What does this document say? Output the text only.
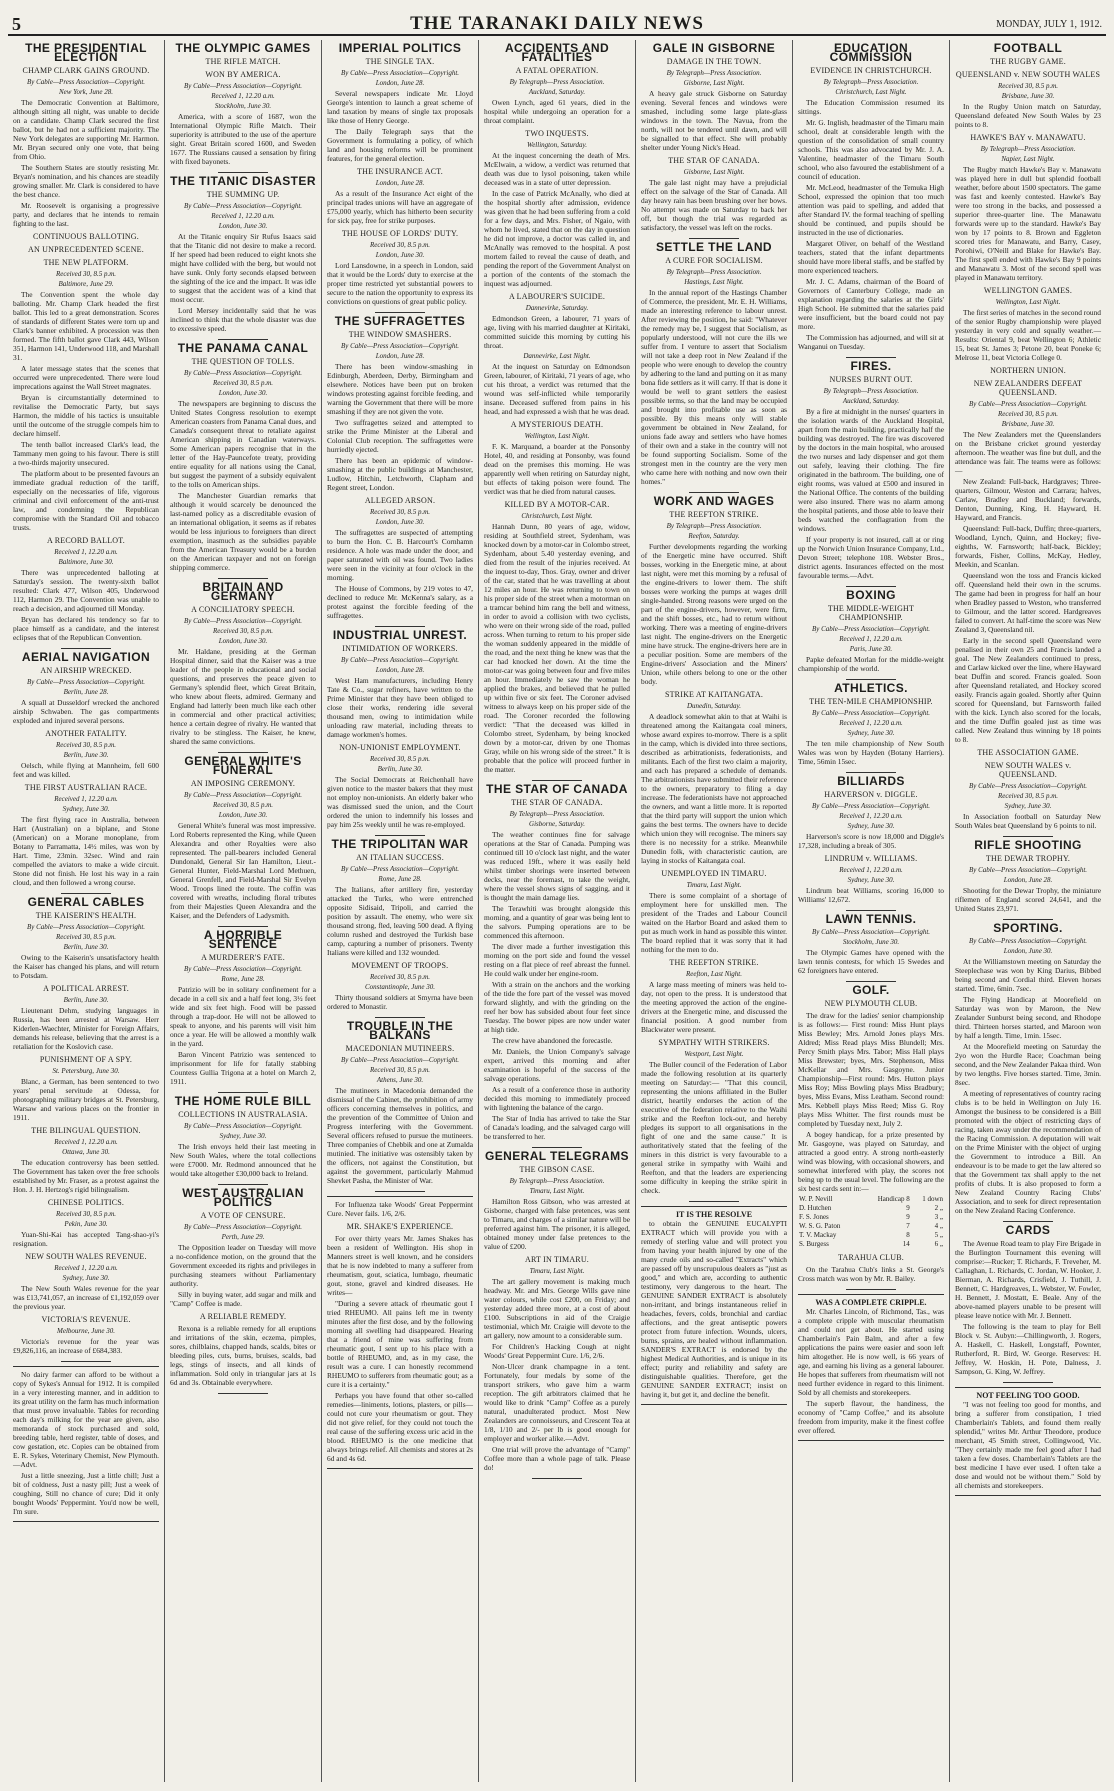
5	THE TARANAKI DAILY NEWS	MONDAY, JULY 1, 1912.
THE PRESIDENTIAL ELECTION
CHAMP CLARK GAINS GROUND.
By Cable—Press Association—Copyright.
New York, June 28.

The Democratic Convention at Baltimore, although sitting all night, was unable to decide on a candidate. Champ Clark secured the first ballot, but he had not a sufficient majority. The New York delegates are supporting Mr. Harmon. Mr. Bryan secured only one vote, that being from Ohio.

The Southern States are stoutly resisting Mr. Bryan's nomination, and his chances are steadily growing smaller. Mr. Clark is considered to have the best chance.

Mr. Roosevelt is organising a progressive party, and declares that he intends to remain fighting to the last.

CONTINUOUS BALLOTING.
AN UNPRECEDENTED SCENE.
THE NEW PLATFORM.
Received 30, 8.5 p.m.
Baltimore, June 29.

The Convention spent the whole day balloting. Mr. Champ Clark headed the first ballot. This led to a great demonstration. Scores of standards of different States were torn up and Clark's banner exhibited. A procession was then formed. The fifth ballot gave Clark 443, Wilson 351, Harmon 141, Underwood 118, and Marshall 31.

A later message states that the scenes that occurred were unprecedented. There were loud imprecations against the Wall Street magnates.

Bryan is circumstantially determined to revitalise the Democratic Party, but says Harmon, the middle of his tactics is unsuitable until the outcome of the struggle compels him to declare himself.

The tenth ballot increased Clark's lead, the Tammany men going to his favour. There is still a two-thirds majority unsecured.

The platform about to be presented favours an immediate gradual reduction of the tariff, especially on the necessaries of life, vigorous criminal and civil enforcement of the anti-trust law, and condemning the Republican compromise with the Standard Oil and tobacco trusts.

A RECORD BALLOT.
Received 1, 12.20 a.m.
Baltimore, June 30.

There was unprecedented balloting at Saturday's session. The twenty-sixth ballot resulted: Clark 477, Wilson 405, Underwood 112, Harmon 29. The Convention was unable to reach a decision, and adjourned till Monday.

Bryan has declared his tendency so far to place himself as a candidate, and the interest eclipses that of the Republican Convention.

AERIAL NAVIGATION
AN AIRSHIP WRECKED.
By Cable—Press Association—Copyright.
Berlin, June 28.

A squall at Dusseldorf wrecked the anchored airship Schwaben. The gas compartments exploded and injured several persons.

ANOTHER FATALITY.
Received 30, 8.5 p.m.
Berlin, June 30.

Oelsch, while flying at Mannheim, fell 600 feet and was killed.

THE FIRST AUSTRALIAN RACE.
Received 1, 12.20 a.m.
Sydney, June 30.

The first flying race in Australia, between Hart (Australian) on a biplane, and Stone (American) on a Morane monoplane, from Botany to Parramatta, 14½ miles, was won by Hart. Time, 23min. 32sec. Wind and rain compelled the aviators to make a wide circuit. Stone did not finish. He lost his way in a rain cloud, and then followed a wrong course.

GENERAL CABLES
THE KAISERIN'S HEALTH.
By Cable—Press Association—Copyright.
Received 30, 8.5 p.m.
Berlin, June 30.

Owing to the Kaiserin's unsatisfactory health the Kaiser has changed his plans, and will return to Potsdam.

A POLITICAL ARREST.
Berlin, June 30.

Lieutenant Dehm, studying languages in Russia, has been arrested at Warsaw. Herr Kiderlen-Waechter, Minister for Foreign Affairs, demands his release, believing that the arrest is a retaliation for the Koslovich case.

PUNISHMENT OF A SPY.
St. Petersburg, June 30.

Blanc, a German, has been sentenced to two years' penal servitude at Odessa, for photographing military bridges at St. Petersburg, Warsaw and various places on the frontier in 1911.

THE BILINGUAL QUESTION.
Received 1, 12.20 a.m.
Ottawa, June 30.

The education controversy has been settled. The Government has taken over the free schools established by Mr. Fraser, as a protest against the Hon. J. H. Hertzog's rigid bilingualism.

CHINESE POLITICS.
Received 30, 8.5 p.m.
Pekin, June 30.

Yuan-Shi-Kai has accepted Tang-shao-yi's resignation.

NEW SOUTH WALES REVENUE.
Received 1, 12.20 a.m.
Sydney, June 30.

The New South Wales revenue for the year was £13,741,057, an increase of £1,192,059 over the previous year.

VICTORIA'S REVENUE.
Melbourne, June 30.

Victoria's revenue for the year was £9,826,116, an increase of £684,383.

No dairy farmer can afford to be without a copy of Sykes's Annual for 1912. It is compiled in a very interesting manner, and in addition to its great utility on the farm has much information that must prove invaluable. Tables for recording each day's milking for the year are given, also memoranda of stock purchased and sold, breeding table, herd register, table of doses, and cow gestation, etc. Copies can be obtained from E. R. Sykes, Veterinary Chemist, New Plymouth.—Advt.

Just a little sneezing, Just a little chill; Just a bit of coldness, Just a nasty pill; Just a week of coughing, Still no chance of cure; Did it only bought Woods' Peppermint. You'd now be well, I'm sure.

THE OLYMPIC GAMES
THE RIFLE MATCH.
WON BY AMERICA.
By Cable—Press Association—Copyright.
Received 1, 12.20 a.m.
Stockholm, June 30.

America, with a score of 1687, won the International Olympic Rifle Match. Their superiority is attributed to the use of the aperture sight. Great Britain scored 1600, and Sweden 1677. The Russians caused a sensation by firing with fixed bayonets.

THE TITANIC DISASTER
THE SUMMING UP.
By Cable—Press Association—Copyright.
Received 1, 12.20 a.m.
London, June 30.

At the Titanic enquiry Sir Rufus Isaacs said that the Titanic did not desire to make a record. If her speed had been reduced to eight knots she might have collided with the berg, but would not have sunk. Only forty seconds elapsed between the sighting of the ice and the impact. It was idle to suggest that the accident was of a kind that most occur.

Lord Mersey incidentally said that he was inclined to think that the whole disaster was due to excessive speed.

THE PANAMA CANAL
THE QUESTION OF TOLLS.
By Cable—Press Association—Copyright.
Received 30, 8.5 p.m.
London, June 30.

The newspapers are beginning to discuss the United States Congress resolution to exempt American coasters from Panama Canal dues, and Canada's consequent threat to retaliate against American shipping in Canadian waterways. Some American papers recognise that in the letter of the Hay-Pauncefote treaty, providing entire equality for all nations using the Canal, but suggest the payment of a subsidy equivalent to the tolls on American ships.

The Manchester Guardian remarks that although it would scarcely be denounced the last-named policy as a discreditable evasion of an international obligation, it seems as if rebates would be less injurious to foreigners than direct exemption, inasmuch as the subsidies payable from the American Treasury would be a burden on the American taxpayer and not on foreign shipping commerce.

BRITAIN AND GERMANY
A CONCILIATORY SPEECH.
By Cable—Press Association—Copyright.
Received 30, 8.5 p.m.
London, June 30.

Mr. Haldane, presiding at the German Hospital dinner, said that the Kaiser was a true leader of the people in educational and social questions, and preserves the peace given to Germany's splendid fleet, which Great Britain, who knew about fleets, admired. Germany and England had latterly been much like each other in commercial and other practical activities; hence a certain degree of rivalry. He wanted that rivalry to be stingless. The Kaiser, he knew, shared the same convictions.

GENERAL WHITE'S FUNERAL
AN IMPOSING CEREMONY.
By Cable—Press Association—Copyright.
Received 30, 8.5 p.m.
London, June 30.

General White's funeral was most impressive. Lord Roberts represented the King, while Queen Alexandra and other Royalties were also represented. The pall-bearers included General Dundonald, General Sir Ian Hamilton, Lieut.-General Hunter, Field-Marshal Lord Methuen, General Grenfell, and Field-Marshal Sir Evelyn Wood. Troops lined the route. The coffin was covered with wreaths, including floral tributes from their Majesties Queen Alexandra and the Kaiser, and the Defenders of Ladysmith.

A HORRIBLE SENTENCE
A MURDERER'S FATE.
By Cable—Press Association—Copyright.
Rome, June 28.

Patrizio will be in solitary confinement for a decade in a cell six and a half feet long, 3½ feet wide and six feet high. Food will be passed through a trap-door. He will not be allowed to speak to anyone, and his parents will visit him once a year. He will be allowed a monthly walk in the yard.

Baron Vincent Patrizio was sentenced to imprisonment for life for fatally stabbing Countess Gullia Trigona at a hotel on March 2, 1911.

THE HOME RULE BILL
COLLECTIONS IN AUSTRALASIA.
By Cable—Press Association—Copyright.
Sydney, June 30.

The Irish envoys held their last meeting in New South Wales, where the total collections were £7000. Mr. Redmond announced that he would take altogether £30,000 back to Ireland.

WEST AUSTRALIAN POLITICS
A VOTE OF CENSURE.
By Cable—Press Association—Copyright.
Perth, June 29.

The Opposition leader on Tuesday will move a no-confidence motion, on the ground that the Government exceeded its rights and privileges in purchasing steamers without Parliamentary authority.

Silly in buying water, add sugar and milk and "Camp" Coffee is made.

A RELIABLE REMEDY.

Rexona is a reliable remedy for all eruptions and irritations of the skin, eczema, pimples, sores, chilblains, chapped hands, scalds, bites or bleeding piles, cuts, burns, bruises, scalds, bad legs, stings of insects, and all kinds of inflammation. Sold only in triangular jars at 1s 6d and 3s. Obtainable everywhere.

IMPERIAL POLITICS
THE SINGLE TAX.
By Cable—Press Association—Copyright.
London, June 28.

Several newspapers indicate Mr. Lloyd George's intention to launch a great scheme of land taxation by means of single tax proposals like those of Henry George.

The Daily Telegraph says that the Government is formulating a policy, of which land and housing reforms will be prominent features, for the general election.

THE INSURANCE ACT.
London, June 28.

As a result of the Insurance Act eight of the principal trades unions will have an aggregate of £75,000 yearly, which has hitherto been security for sick pay, free for strike purposes.

THE HOUSE OF LORDS' DUTY.
Received 30, 8.5 p.m.
London, June 30.

Lord Lansdowne, in a speech in London, said that it would be the Lords' duty to exercise at the proper time restricted yet substantial powers to secure to the nation the opportunity to express its convictions on questions of great public policy.

THE SUFFRAGETTES
THE WINDOW SMASHERS.
By Cable—Press Association—Copyright.
London, June 28.

There has been window-smashing in Edinburgh, Aberdeen, Derby, Birmingham and elsewhere. Notices have been put on broken windows protesting against forcible feeding, and warning the Government that there will be more smashing if they are not given the vote.

Two suffragettes seized and attempted to strike the Prime Minister at the Liberal and Colonial Club reception. The suffragettes were hurriedly ejected.

There has been an epidemic of window-smashing at the public buildings at Manchester, Ludlow, Hitchin, Letchworth, Clapham and Regent street, London.

ALLEGED ARSON.
Received 30, 8.5 p.m.
London, June 30.

The suffragettes are suspected of attempting to burn the Hon. C. B. Harcourt's Cornhamn residence. A hole was made under the door, and paper saturated with oil was found. Two ladies were seen in the vicinity at four o'clock in the morning.

The House of Commons, by 219 votes to 47, declined to reduce Mr. McKenna's salary, as a protest against the forcible feeding of the suffragettes.

INDUSTRIAL UNREST.
INTIMIDATION OF WORKERS.
By Cable—Press Association—Copyright.
London, June 28.

West Ham manufacturers, including Henry Tate & Co., sugar refiners, have written to the Prime Minister that they have been obliged to close their works, rendering idle several thousand men, owing to intimidation while unloading raw material, including threats to damage workmen's homes.

NON-UNIONIST EMPLOYMENT.
Received 30, 8.5 p.m.
Berlin, June 30.

The Social Democrats at Reichenhall have given notice to the master bakers that they must not employ non-unionists. An elderly baker who was dismissed sued the union, and the Court ordered the union to indemnify his losses and pay him 25s weekly until he was re-employed.

THE TRIPOLITAN WAR
AN ITALIAN SUCCESS.
By Cable—Press Association—Copyright.
Rome, June 28.

The Italians, after artillery fire, yesterday attacked the Turks, who were entrenched opposite Sidisaid, Tripoli, and carried the position by assault. The enemy, who were six thousand strong, fled, leaving 500 dead. A flying column rushed and destroyed the Turkish base camp, capturing a number of prisoners. Twenty Italians were killed and 132 wounded.

MOVEMENT OF TROOPS.
Received 30, 8.5 p.m.
Constantinople, June 30.

Thirty thousand soldiers at Smyrna have been ordered to Monastir.

TROUBLE IN THE BALKANS
MACEDONIAN MUTINEERS.
By Cable—Press Association—Copyright.
Received 30, 8.5 p.m.
Athens, June 30.

The mutineers in Macedonia demanded the dismissal of the Cabinet, the prohibition of army officers concerning themselves in politics, and the prevention of the Committee of Union and Progress interfering with the Government. Several officers refused to pursue the mutineers. Three companies of Chebbik and one at Zumalda mutinied. The initiative was ostensibly taken by the officers, not against the Constitution, but against the government, particularly Mahmud Shevket Pasha, the Minister of War.

For Influenza take Woods' Great Peppermint Cure. Never fails. 1/6, 2/6.

MR. SHAKE'S EXPERIENCE.

For over thirty years Mr. James Shakes has been a resident of Wellington. His shop in Manners street is well known, and he considers that he is now indebted to many a sufferer from rheumatism, gout, sciatica, lumbago, rheumatic gout, stone, gravel and kindred diseases. He writes—

"During a severe attack of rheumatic gout I tried RHEUMO. All pains left me in twenty minutes after the first dose, and by the following morning all swelling had disappeared. Hearing that a friend of mine was suffering from rheumatic gout, I sent up to his place with a bottle of RHEUMO, and, as in my case, the result was a cure. I can honestly recommend RHEUMO to sufferers from rheumatic gout; as a cure it is a certainty."

Perhaps you have found that other so-called remedies—liniments, lotions, plasters, or pills—could not cure your rheumatism or gout. They did not give relief, for they could not touch the real cause of the suffering excess uric acid in the blood. RHEUMO is the one medicine that always brings relief. All chemists and stores at 2s 6d and 4s 6d.

ACCIDENTS AND FATALITIES
A FATAL OPERATION.
By Telegraph—Press Association.
Auckland, Saturday.

Owen Lynch, aged 61 years, died in the hospital while undergoing an operation for a throat complaint.

TWO INQUESTS.
Wellington, Saturday.

At the inquest concerning the death of Mrs. McElwain, a widow, a verdict was returned that death was due to lysol poisoning, taken while deceased was in a state of utter depression.

In the case of Patrick McAnally, who died at the hospital shortly after admission, evidence was given that he had been suffering from a cold for a few days, and Mrs. Fisher, of Ngaio, with whom he lived, stated that on the day in question he did not improve, a doctor was called in, and McAnally was removed to the hospital. A post mortem failed to reveal the cause of death, and pending the report of the Government Analyst on a portion of the contents of the stomach the inquest was adjourned.

A LABOURER'S SUICIDE.
Dannevirke, Saturday.

Edmondson Green, a labourer, 71 years of age, living with his married daughter at Kiritaki, committed suicide this morning by cutting his throat.

Dannevirke, Last Night.

At the inquest on Saturday on Edmondson Green, labourer, of Kiritaki, 71 years of age, who cut his throat, a verdict was returned that the wound was self-inflicted while temporarily insane. Deceased suffered from pains in his head, and had expressed a wish that he was dead.

A MYSTERIOUS DEATH.
Wellington, Last Night.

F. K. Marquand, a boarder at the Ponsonby Hotel, 40, and residing at Ponsonby, was found dead on the premises this morning. He was apparently well when retiring on Saturday night, but effects of taking poison were found. The verdict was that he died from natural causes.

KILLED BY A MOTOR-CAR.
Christchurch, Last Night.

Hannah Dunn, 80 years of age, widow, residing at Southfield street, Sydenham, was knocked down by a motor-car in Colombo street, Sydenham, about 5.40 yesterday evening, and died from the result of the injuries received. At the inquest to-day, Thos. Gray, owner and driver of the car, stated that he was travelling at about 12 miles an hour. He was returning to town on his proper side of the street when a motorman on a tramcar behind him rang the bell and witness, in order to avoid a collision with two cyclists, who were on their wrong side of the road, pulled across. When turning to return to his proper side the woman suddenly appeared in the middle of the road, and the next thing he knew was that the car had knocked her down. At the time the motor-car was going between four and five miles an hour. Immediately he saw the woman he applied the brakes, and believed that he pulled up within five or six feet. The Coroner advised witness to always keep on his proper side of the road. The Coroner recorded the following verdict: "That the deceased was killed in Colombo street, Sydenham, by being knocked down by a motor-car, driven by one Thomas Gray, while on his wrong side of the street." It is probable that the police will proceed further in the matter.

THE STAR OF CANADA
THE STAR OF CANADA.
By Telegraph—Press Association.
Gisborne, Saturday.

The weather continues fine for salvage operations at the Star of Canada. Pumping was continued till 10 o'clock last night, and the water was reduced 19ft., where it was easily held whilst timber shorings were inserted between decks, near the foremast, to take the weight, where the vessel shows signs of sagging, and it is thought the main damage lies.

The Terawhiti was brought alongside this morning, and a quantity of gear was being lent to the salvors. Pumping operations are to be commenced this afternoon.

The diver made a further investigation this morning on the port side and found the vessel resting on a flat piece of reef abreast the funnel. He could walk under her engine-room.

With a strain on the anchors and the working of the tide the fore part of the vessel was moved forward slightly, and with the grinding on the reef her bow has subsided about four feet since Tuesday. The bower pipes are now under water at high tide.

The crew have abandoned the forecastle.

Mr. Daniels, the Union Company's salvage expert, arrived this morning and after examination is hopeful of the success of the salvage operations.

As a result of a conference those in authority decided this morning to immediately proceed with lightening the balance of the cargo.

The Star of India has arrived to take the Star of Canada's loading, and the salvaged cargo will be transferred to her.

GENERAL TELEGRAMS
THE GIBSON CASE.
By Telegraph—Press Association.
Timaru, Last Night.

Hamilton Ross Gibson, who was arrested at Gisborne, charged with false pretences, was sent to Timaru, and charges of a similar nature will be preferred against him. The prisoner, it is alleged, obtained money under false pretences to the value of £200.

ART IN TIMARU.
Timaru, Last Night.

The art gallery movement is making much headway. Mr. and Mrs. George Wills gave nine water colours, while cost £200, on Friday; and yesterday added three more, at a cost of about £100. Subscriptions in aid of the Craigie testimonial, which Mr. Craigie will devote to the art gallery, now amount to a considerable sum.

For Children's Hacking Cough at night Woods' Great Peppermint Cure. 1/6, 2/6.

Non-Ulcer drank champagne in a tent. Fortunately, four medals by some of the transport strikers, who gave him a warm reception. The gift arbitrators claimed that he would like to drink "Camp" Coffee as a purely natural, unadulterated product. Most New Zealanders are connoisseurs, and Crescent Tea at 1/8, 1/10 and 2/- per lb is good enough for employer and worker alike.—Advt.

One trial will prove the advantage of "Camp" Coffee more than a whole page of talk. Please do!

GALE IN GISBORNE
DAMAGE IN THE TOWN.
By Telegraph—Press Association.
Gisborne, Last Night.

A heavy gale struck Gisborne on Saturday evening. Several fences and windows were smashed, including some large plate-glass windows in the town. The Navua, from the north, will not be tendered until dawn, and will be signalled to that effect. She will probably shelter under Young Nick's Head.

THE STAR OF CANADA.
Gisborne, Last Night.

The gale last night may have a prejudicial effect on the salvage of the Star of Canada. All day heavy rain has been brushing over her bows. No attempt was made on Saturday to back her off, but though the trial was regarded as satisfactory, the vessel was left on the rocks.

SETTLE THE LAND
A CURE FOR SOCIALISM.
By Telegraph—Press Association.
Hastings, Last Night.

In the annual report of the Hastings Chamber of Commerce, the president, Mr. E. H. Williams, made an interesting reference to labour unrest. After reviewing the position, he said: "Whatever the remedy may be, I suggest that Socialism, as popularly understood, will not cure the ills we suffer from. I venture to assert that Socialism will not take a deep root in New Zealand if the people who were enough to develop the country by adhering to the land and putting on it as many bona fide settlers as it will carry. If that is done it would be well to grant settlers the easiest possible terms, so that the land may be occupied and brought into profitable use as soon as possible. By this means only will stable government be obtained in New Zealand, for unions fade away and settlers who have homes of their own and a stake in the country will not be found supporting Socialism. Some of the strongest men in the country are the very men who came here with nothing and now own their homes."

WORK AND WAGES
THE REEFTON STRIKE.
By Telegraph—Press Association.
Reefton, Saturday.

Further developments regarding the working of the Energetic mine have occurred. Shift bosses, working in the Energetic mine, at about last night, were met this morning by a refusal of the engine-drivers to lower them. The shift bosses were working the pumps at wages drill single-handed. Strong reasons were urged on the part of the engine-drivers, however, were firm, and the shift bosses, etc., had to return without working. There was a meeting of engine-drivers last night. The engine-drivers on the Energetic mine have struck. The engine-drivers here are in a peculiar position. Some are members of the Engine-drivers' Association and the Miners' Union, while others belong to one or the other body.

STRIKE AT KAITANGATA.
Dunedin, Saturday.

A deadlock somewhat akin to that at Waihi is threatened among the Kaitangata coal miners, whose award expires to-morrow. There is a split in the camp, which is divided into three sections, described as arbitrationists, federationists, and militants. Each of the first two claim a majority, and each has prepared a schedule of demands. The arbitrationists have submitted their reference to the owners, preparatory to filing a day increase. The federationists have not approached the owners, and want a little more. It is reported that the third party will support the union which gains the best terms. The owners have to decide which union they will recognise. The miners say there is no necessity for a strike. Meanwhile Dunedin folk, with characteristic caution, are laying in stocks of Kaitangata coal.

UNEMPLOYED IN TIMARU.
Timaru, Last Night.

There is some complaint of a shortage of employment here for unskilled men. The president of the Trades and Labour Council waited on the Harbor Board and asked them to put as much work in hand as possible this winter. The board replied that it was sorry that it had nothing for the men to do.

THE REEFTON STRIKE.
Reefton, Last Night.

A large mass meeting of miners was held to-day, not open to the press. It is understood that the meeting approved the action of the engine-drivers at the Energetic mine, and discussed the financial position. A good number from Blackwater were present.

SYMPATHY WITH STRIKERS.
Westport, Last Night.

The Buller council of the Federation of Labor made the following resolution at its quarterly meeting on Saturday:— "That this council, representing the unions affiliated in the Buller district, heartily endorses the action of the executive of the federation relative to the Waihi strike and the Reefton lock-out, and hereby pledges its support to all organisations in the fight of one and the same cause." It is authoritatively stated that the feeling of the miners in this district is very favourable to a general strike in sympathy with Waihi and Reefton, and that the leaders are experiencing some difficulty in keeping the strike spirit in check.

IT IS THE RESOLVE

to obtain the GENUINE EUCALYPTI EXTRACT which will provide you with a remedy of sterling value and will protect you from having your health injured by one of the many crude oils and so-called "Extracts" which are passed off by unscrupulous dealers as "just as good," and which are, according to authentic testimony, very dangerous to the heart. The GENUINE SANDER EXTRACT is absolutely non-irritant, and brings instantaneous relief in headaches, fevers, colds, bronchial and cardiac affections, and the great antiseptic powers protect from future infection. Wounds, ulcers, burns, sprains, are healed without inflammation. SANDER'S EXTRACT is endorsed by the highest Medical Authorities, and is unique in its effect; purity and reliability and safety are distinguishable qualities. Therefore, get the GENUINE SANDER EXTRACT; insist on having it, but get it, and decline the benefit.

EDUCATION COMMISSION
EVIDENCE IN CHRISTCHURCH.
By Telegraph—Press Association.
Christchurch, Last Night.

The Education Commission resumed its sittings.

Mr. G. Inglish, headmaster of the Timaru main school, dealt at considerable length with the question of the consolidation of small country schools. This was also advocated by Mr. J. A. Valentine, headmaster of the Timaru South school, who also favoured the establishment of a council of education.

Mr. McLeod, headmaster of the Temuka High School, expressed the opinion that too much attention was paid to spelling, and added that after Standard IV. the formal teaching of spelling should be continued, and pupils should be instructed in the use of dictionaries.

Margaret Oliver, on behalf of the Westland teachers, stated that the infant departments should have more liberal staffs, and be staffed by more experienced teachers.

Mr. J. C. Adams, chairman of the Board of Governors of Canterbury College, made an explanation regarding the salaries at the Girls' High School. He submitted that the salaries paid were insufficient, but the board could not pay more.

The Commission has adjourned, and will sit at Wanganui on Tuesday.

FIRES.
NURSES BURNT OUT.
By Telegraph—Press Association.
Auckland, Saturday.

By a fire at midnight in the nurses' quarters in the isolation wards of the Auckland Hospital, apart from the main building, practically half the building was destroyed. The fire was discovered by the doctors in the main hospital, who aroused the two nurses and lady dispenser and got them out safely, leaving their clothing. The fire originated in the bathroom. The building, one of eight rooms, was valued at £500 and insured in the National Office. The contents of the building were also insured. There was no alarm among the hospital patients, and those able to leave their beds watched the conflagration from the windows.

If your property is not insured, call at or ring up the Norwich Union Insurance Company, Ltd., Devon Street; telephone 108. Webster Bros., district agents. Insurances effected on the most favourable terms.—Advt.

BOXING
THE MIDDLE-WEIGHT CHAMPIONSHIP.
By Cable—Press Association—Copyright.
Received 1, 12.20 a.m.
Paris, June 30.

Papke defeated Morlan for the middle-weight championship of the world.

ATHLETICS.
THE TEN-MILE CHAMPIONSHIP.
By Cable—Press Association—Copyright.
Received 1, 12.20 a.m.
Sydney, June 30.

The ten mile championship of New South Wales was won by Hayden (Botany Harriers). Time, 56min 15sec.

BILLIARDS
HARVERSON v. DIGGLE.
By Cable—Press Association—Copyright.
Received 1, 12.20 a.m.
Sydney, June 30.

Harverson's score is now 18,000 and Diggle's 17,328, including a break of 305.

LINDRUM v. WILLIAMS.
Received 1, 12.20 a.m.
Sydney, June 30.

Lindrum beat Williams, scoring 16,000 to Williams' 12,672.

LAWN TENNIS.
By Cable—Press Association—Copyright.
Stockholm, June 30.

The Olympic Games have opened with the lawn tennis contests, for which 15 Swedes and 62 foreigners have entered.

GOLF.
NEW PLYMOUTH CLUB.

The draw for the ladies' senior championship is as follows:— First round: Miss Hunt plays Miss Bewley; Mrs. Arnold Jones plays Mrs. Aldred; Miss Read plays Miss Blundell; Mrs. Percy Smith plays Mrs. Tabor; Miss Hall plays Miss Brewster; byes, Mrs. Stephenson, Miss McKellar and Mrs. Gasgoyne. Junior Championship—First round: Mrs. Hutton plays Miss Roy; Miss Bowling plays Miss Bradbury; byes, Miss Evans, Miss Leatham. Second round: Mrs. Kebbell plays Miss Reed; Miss G. Roy plays Miss Whitter. The first rounds must be completed by Tuesday next, July 2.

A bogey handicap, for a prize presented by Mr. Gasgoyne, was played on Saturday, and attracted a good entry. A strong north-easterly wind was blowing, with occasional showers, and somewhat interfered with play, the scores not being up to the usual level. The following are the six best cards sent in:—

W. P. Nevill	Handicap 8	1 down
D. Hutchen	9	2 „
F. S. Jones	9	3 „
W. S. G. Paton	7	4 „
T. V. Mackay	8	5 „
S. Burgess	14	6 „
TARAHUA CLUB.

On the Tarahua Club's links a St. George's Cross match was won by Mr. R. Bailey.

WAS A COMPLETE CRIPPLE.

Mr. Charles Lincoln, of Richmond, Tas., was a complete cripple with muscular rheumatism and could not get about. He started using Chamberlain's Pain Balm, and after a few applications the pains were easier and soon left him altogether. He is now well, is 66 years of age, and earning his living as a general labourer. He hopes that sufferers from rheumatism will not need further evidence in regard to this liniment. Sold by all chemists and storekeepers.

The superb flavour, the handiness, the economy of "Camp Coffee," and its absolute freedom from impurity, make it the finest coffee ever offered.

FOOTBALL
THE RUGBY GAME.
QUEENSLAND v. NEW SOUTH WALES
Received 30, 8.5 p.m.
Brisbane, June 30.

In the Rugby Union match on Saturday, Queensland defeated New South Wales by 23 points to 8.

HAWKE'S BAY v. MANAWATU.
By Telegraph—Press Association.
Napier, Last Night.

The Rugby match Hawke's Bay v. Manawatu was played here in dull but splendid football weather, before about 1500 spectators. The game was fast and keenly contested. Hawke's Bay were too strong in the backs, and possessed a superior three-quarter line. The Manawatu forwards were up to the standard. Hawke's Bay won by 17 points to 8. Brown and Eggleton scored tries for Manawatu, and Barry, Casey, Porohiwi, O'Neill and Blake for Hawke's Bay. The first spell ended with Hawke's Bay 9 points and Manawatu 3. Most of the second spell was played in Manawatu territory.

WELLINGTON GAMES.
Wellington, Last Night.

The first series of matches in the second round of the senior Rugby championship were played yesterday in very cold and squally weather.—Results: Oriental 9, beat Wellington 6; Athletic 15, beat St. James 3; Petone 20, beat Poneke 6; Melrose 11, beat Victoria College 0.

NORTHERN UNION.
NEW ZEALANDERS DEFEAT QUEENSLAND.
By Cable—Press Association—Copyright.
Received 30, 8.5 p.m.
Brisbane, June 30.

The New Zealanders met the Queenslanders on the Brisbane cricket ground yesterday afternoon. The weather was fine but dull, and the attendance was fair. The teams were as follows:—

New Zealand: Full-back, Hardgraves; Three-quarters, Gilmour, Weston and Carrara; halves, Carlaw, Bradley and Buckland; forwards, Denton, Dunning, King, H. Hayward, H. Hayward, and Francis.

Queensland: Full-back, Duffin; three-quarters, Woodland, Lynch, Quinn, and Hockey; five-eighths, W. Farnsworth; half-back, Bickley; forwards, Fisher, Collins, McKay, Hedley, Meekin, and Scanlan.

Queensland won the toss and Francis kicked off. Queensland held their own in the scrums. The game had been in progress for half an hour when Bradley passed to Weston, who transferred to Gilmour, and the latter scored. Hardgreaves failed to convert. At half-time the score was New Zealand 3, Queensland nil.

Early in the second spell Queensland were penalised in their own 25 and Francis landed a goal. The New Zealanders continued to press, and Carlaw kicked over the line, where Hayward beat Duffin and scored. Francis goaled. Soon after Queensland retaliated, and Hockey scored easily. Francis again goaled. Shortly after Quinn scored for Queensland, but Farnsworth failed with the kick. Lynch also scored for the locals, and the time Duffin goaled just as time was called. New Zealand thus winning by 18 points to 8.

THE ASSOCIATION GAME.
NEW SOUTH WALES v. QUEENSLAND.
By Cable—Press Association—Copyright.
Received 30, 8.5 p.m.
Sydney, June 30.

In Association football on Saturday New South Wales beat Queensland by 6 points to nil.

RIFLE SHOOTING
THE DEWAR TROPHY.
By Cable—Press Association—Copyright.
London, June 28.

Shooting for the Dewar Trophy, the miniature riflemen of England scored 24,641, and the United States 23,971.

SPORTING.
By Cable—Press Association—Copyright.
London, June 30.

At the Williamstown meeting on Saturday the Steeplechase was won by King Darius, Bibbed being second and Cordial third. Eleven horses started. Time, 6min. 7sec.

The Flying Handicap at Moorefield on Saturday was won by Maroon, the New Zealander Sunburst being second, and Rhodope third. Thirteen horses started, and Maroon won by half a length. Time, 1min. 15sec.

At the Moorefield meeting on Saturday the 2yo won the Hurdle Race; Coachman being second, and the New Zealander Pakaa third. Won by two lengths. Five horses started. Time, 3min. 8sec.

A meeting of representatives of country racing clubs is to be held in Wellington on July 16. Amongst the business to be considered is a Bill promoted with the object of restricting days of racing, taken away under the recommendation of the Racing Commission. A deputation will wait on the Prime Minister with the object of urging the Government to introduce a Bill. An endeavour is to be made to get the law altered so that the Government tax shall apply to the net profits of clubs. It is also proposed to form a New Zealand Country Racing Clubs' Association, and to seek for direct representation on the New Zealand Racing Conference.

CARDS

The Avenue Road team to play Fire Brigade in the Burlington Tournament this evening will comprise:—Rucker; T. Richards, F. Treveher, M. Callaghan, L. Richards, C. Jordan, W. Hooker, J. Bierman, A. Richards, Crisfield, J. Tuthill, J. Bennett, C. Hardgreaves, L. Webster, W. Fowler, H. Bennett, J. Mostatt, E. Beale. Any of the above-named players unable to be present will please leave notice with Mr. J. Bennett.

The following is the team to play for Bell Block v. St. Aubyn:—Chillingworth, J. Rogers, A. Haskell, C. Haskell, Longstaff, Pownter, Rutherford, R. Bird, W. George. Reserves: H. Jeffrey, W. Hoskin, H. Pote, Dalness, J. Sampson, G. King, W. Jeffrey.

NOT FEELING TOO GOOD.

"I was not feeling too good for months, and bring a sufferer from constipation, I tried Chamberlain's Tablets, and found them really splendid," writes Mr. Arthur Theodore, produce merchant, 45 Smith street, Collingwood, Vic. "They certainly made me feel good after I had taken a few doses. Chamberlain's Tablets are the best medicine I have ever used. I often take a dose and would not be without them." Sold by all chemists and storekeepers.
